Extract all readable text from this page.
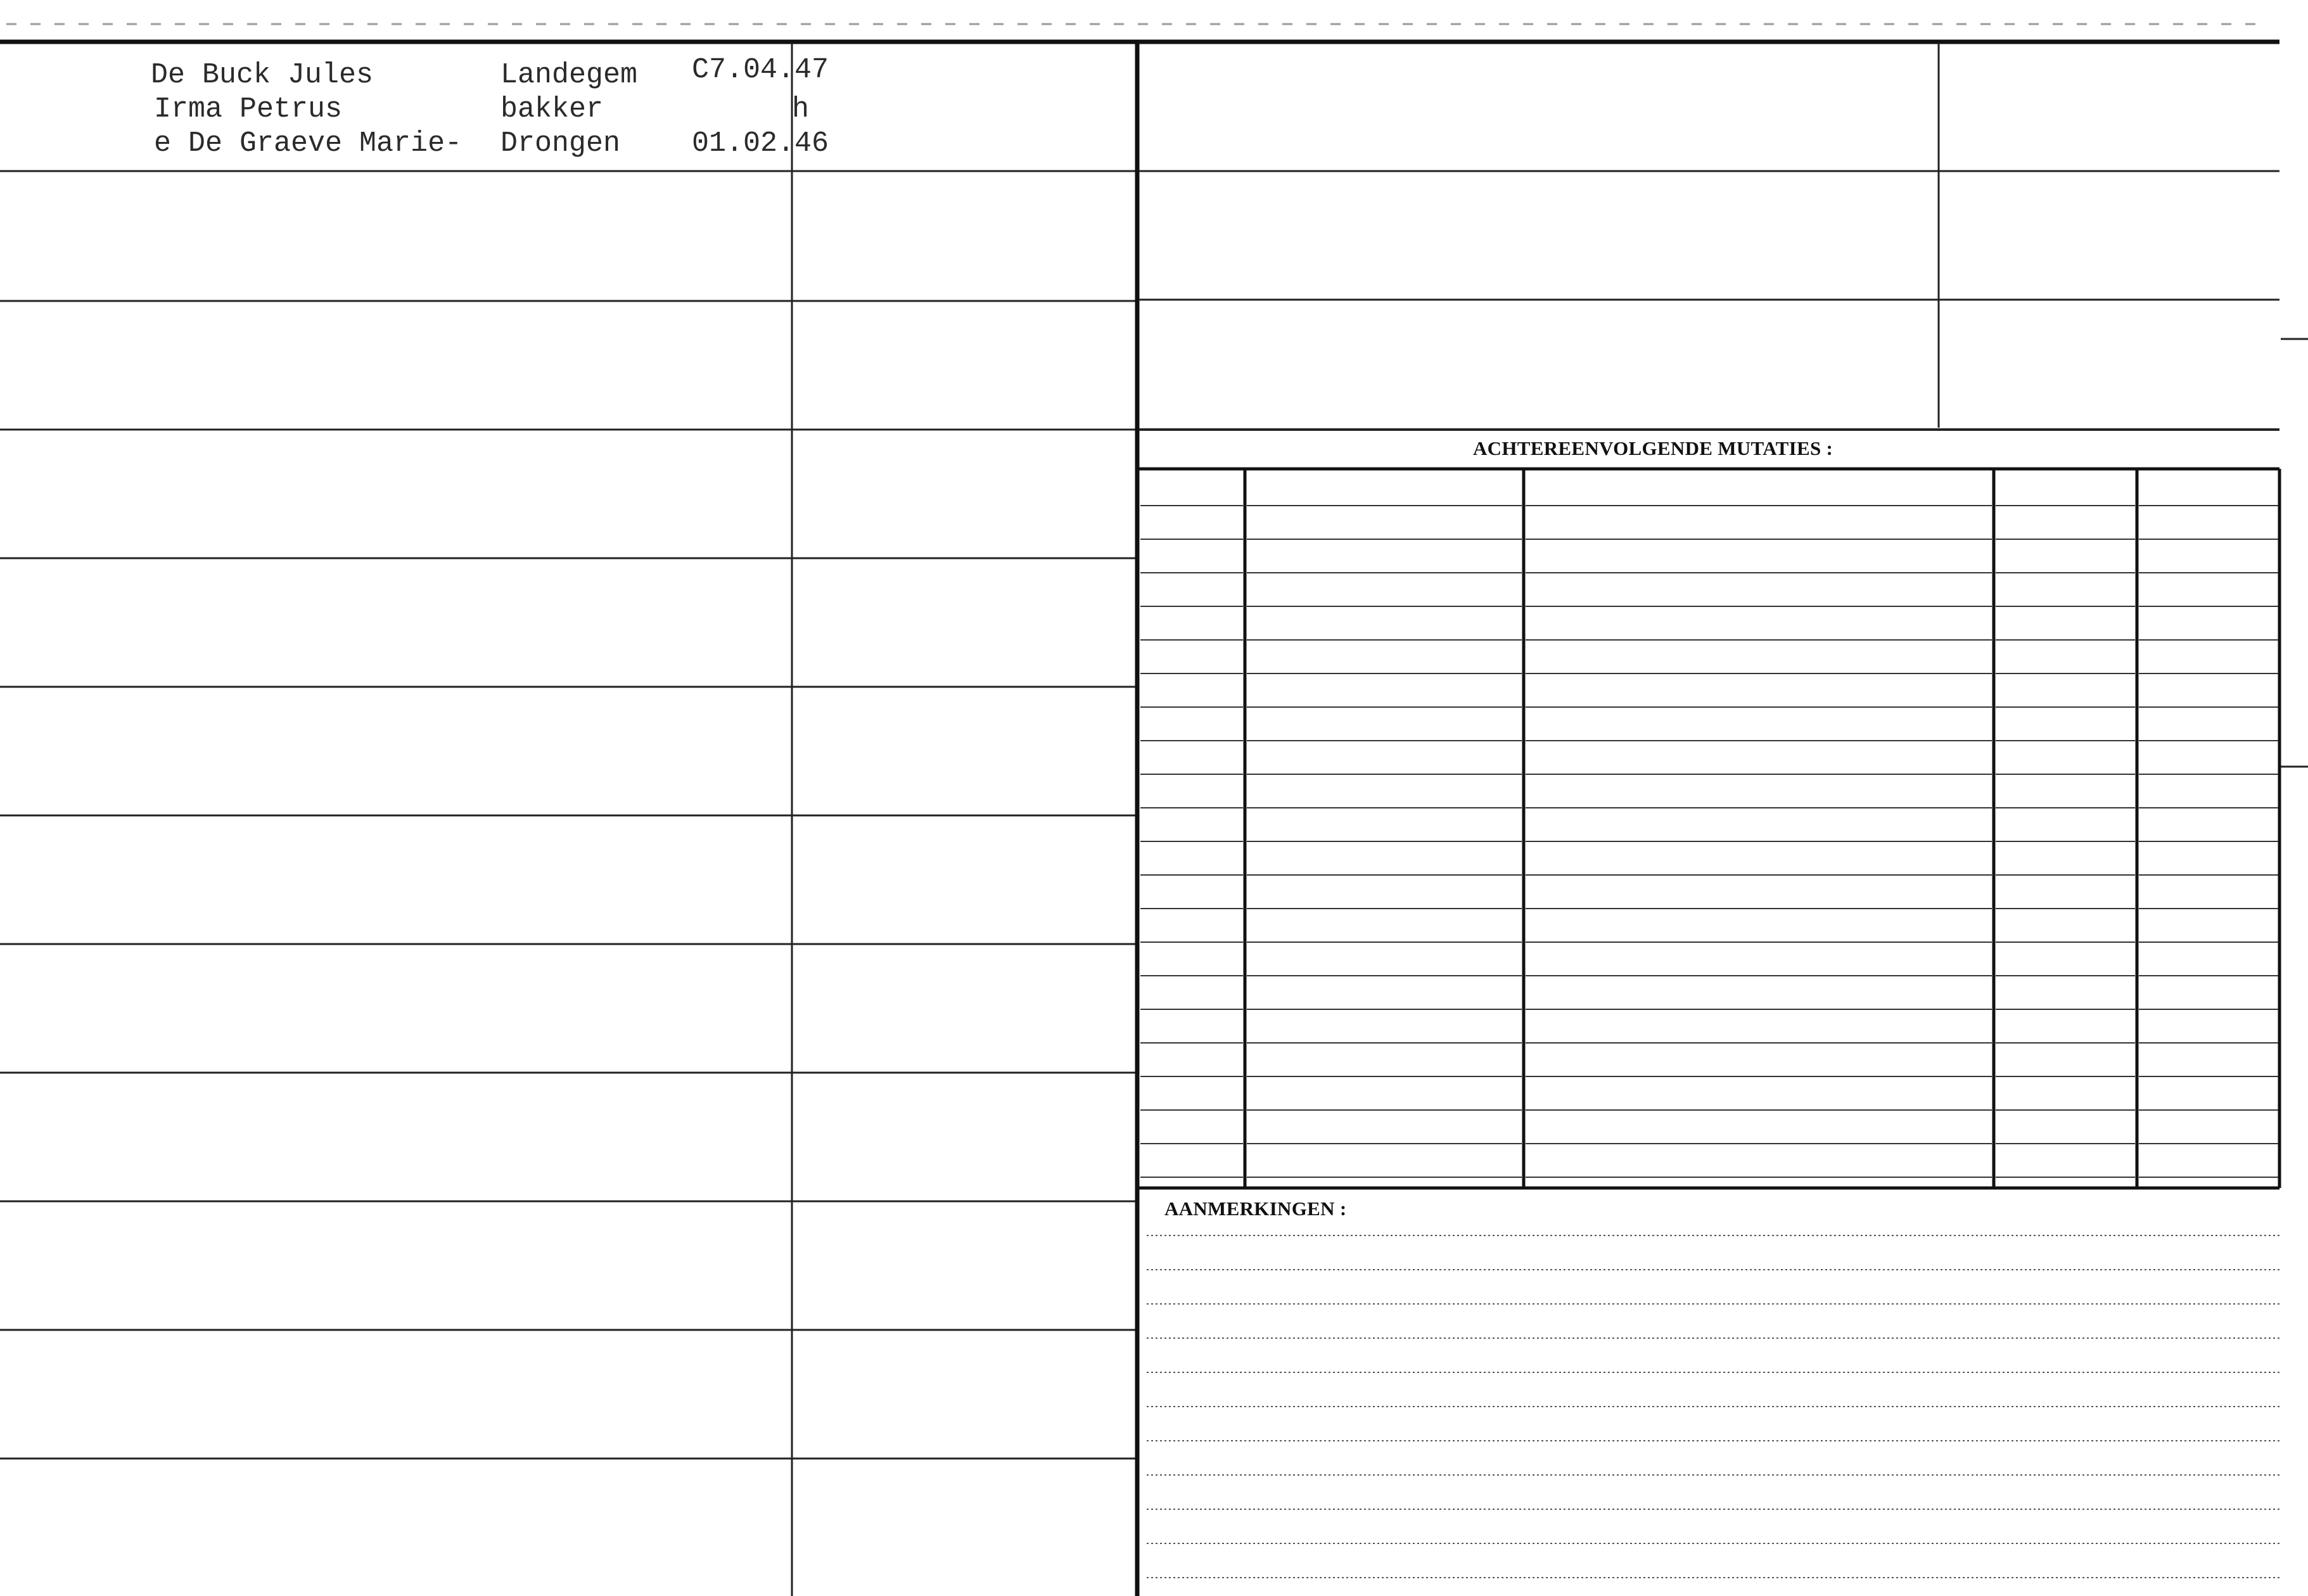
De Buck Jules
Irma Petrus
e De Graeve Marie-
Landegem
bakker
Drongen
C7.04.47
h
01.02.46
ACHTEREENVOLGENDE MUTATIES :
AANMERKINGEN :
